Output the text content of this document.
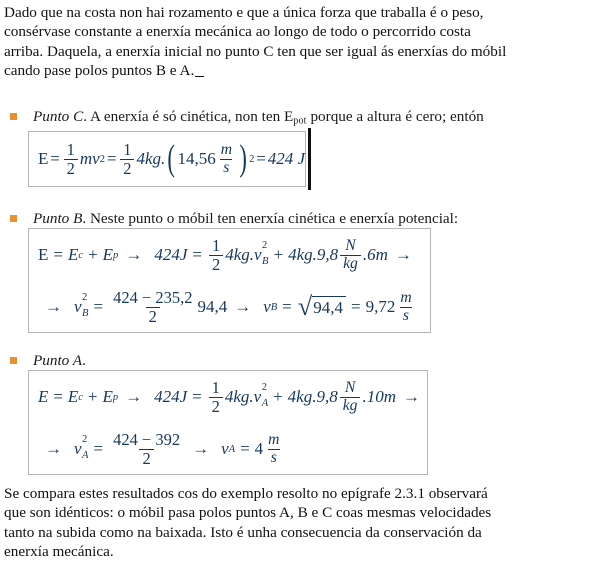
Dado que na costa non hai rozamento e que a única forza que traballa é o peso,
consérvase constante a enerxía mecánica ao longo de todo o percorrido costa
arriba. Daquela, a enerxía inicial no punto C ten que ser igual ás enerxías do móbil
cando pase polos puntos B e A.
Punto C. A enerxía é só cinética, non ten $E_{pot}$ porque a altura é cero; entón
$E = \frac{1}{2}$ mv $2 = \frac{1}{2} 4kg$. ( $14,56 \frac{m}{s}$ ) 2 = 424 J
Punto B. Neste punto o móbil ten enerxía cinética e enerxía potencial:
E = E c + E $p \to 424J = \frac{1}{2} 4kg$. v 2
$B + 4kg.9,8 \frac{N}{kg} .6m$ →
→ v 2
$B = \frac{424 - 235,2}{2} 94,4 \to v$ B = √ $94,4 = 9,72 \frac{m}{s}$
Punto A.
E = E c + E $p \to 424J = \frac{1}{2} 4kg$. v 2
$A + 4kg.9,8 \frac{N}{kg} .10m$ →
→ v 2
$A = \frac{424 - 392}{2} \to v$ $A = 4 \frac{m}{s}$
Se compara estes resultados cos do exemplo resolto no epígrafe 2.3.1 observará
que son idénticos: o móbil pasa polos puntos A, B e C coas mesmas velocidades
tanto na subida como na baixada. Isto é unha consecuencia da conservación da
enerxía mecánica.
